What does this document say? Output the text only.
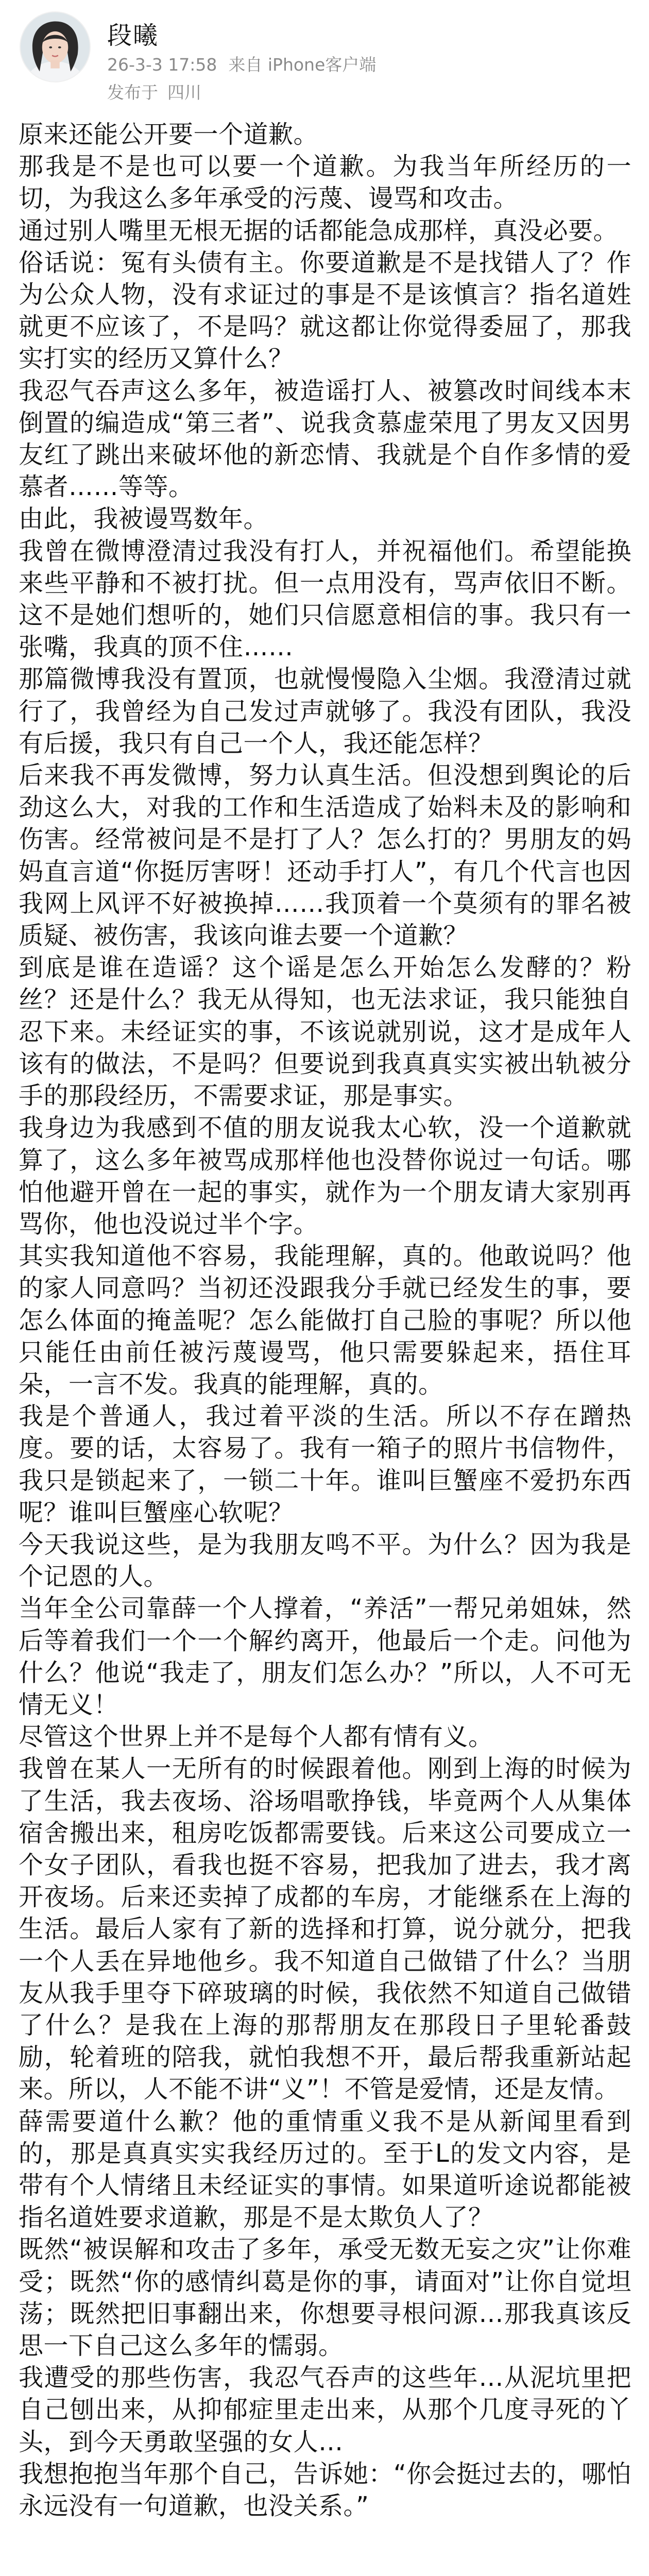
段曦
26-3-3 17:58 来自 iPhone客户端
发布于 四川

原来还能公开要一个道歉。

那我是不是也可以要一个道歉。为我当年所经历的一切，为我这么多年承受的污蔑、谩骂和攻击。

通过别人嘴里无根无据的话都能急成那样，真没必要。

俗话说：冤有头债有主。你要道歉是不是找错人了？作为公众人物，没有求证过的事是不是该慎言？指名道姓就更不应该了，不是吗？就这都让你觉得委屈了，那我实打实的经历又算什么？

我忍气吞声这么多年，被造谣打人、被篡改时间线本末倒置的编造成“第三者”、说我贪慕虚荣甩了男友又因男友红了跳出来破坏他的新恋情、我就是个自作多情的爱慕者……等等。

由此，我被谩骂数年。

我曾在微博澄清过我没有打人，并祝福他们。希望能换来些平静和不被打扰。但一点用没有，骂声依旧不断。这不是她们想听的，她们只信愿意相信的事。我只有一张嘴，我真的顶不住……

那篇微博我没有置顶，也就慢慢隐入尘烟。我澄清过就行了，我曾经为自己发过声就够了。我没有团队，我没有后援，我只有自己一个人，我还能怎样？

后来我不再发微博，努力认真生活。但没想到舆论的后劲这么大，对我的工作和生活造成了始料未及的影响和伤害。经常被问是不是打了人？怎么打的？男朋友的妈妈直言道“你挺厉害呀！还动手打人”，有几个代言也因我网上风评不好被换掉……我顶着一个莫须有的罪名被质疑、被伤害，我该向谁去要一个道歉？

到底是谁在造谣？这个谣是怎么开始怎么发酵的？粉丝？还是什么？我无从得知，也无法求证，我只能独自忍下来。未经证实的事，不该说就别说，这才是成年人该有的做法，不是吗？但要说到我真真实实被出轨被分手的那段经历，不需要求证，那是事实。

我身边为我感到不值的朋友说我太心软，没一个道歉就算了，这么多年被骂成那样他也没替你说过一句话。哪怕他避开曾在一起的事实，就作为一个朋友请大家别再骂你，他也没说过半个字。

其实我知道他不容易，我能理解，真的。他敢说吗？他的家人同意吗？当初还没跟我分手就已经发生的事，要怎么体面的掩盖呢？怎么能做打自己脸的事呢？所以他只能任由前任被污蔑谩骂，他只需要躲起来，捂住耳朵，一言不发。我真的能理解，真的。

我是个普通人，我过着平淡的生活。所以不存在蹭热度。要的话，太容易了。我有一箱子的照片书信物件，我只是锁起来了，一锁二十年。谁叫巨蟹座不爱扔东西呢？谁叫巨蟹座心软呢？

今天我说这些，是为我朋友鸣不平。为什么？因为我是个记恩的人。

当年全公司靠薛一个人撑着，“养活”一帮兄弟姐妹，然后等着我们一个一个解约离开，他最后一个走。问他为什么？他说“我走了，朋友们怎么办？”所以，人不可无情无义！

尽管这个世界上并不是每个人都有情有义。

我曾在某人一无所有的时候跟着他。刚到上海的时候为了生活，我去夜场、浴场唱歌挣钱，毕竟两个人从集体宿舍搬出来，租房吃饭都需要钱。后来这公司要成立一个女子团队，看我也挺不容易，把我加了进去，我才离开夜场。后来还卖掉了成都的车房，才能继系在上海的生活。最后人家有了新的选择和打算，说分就分，把我一个人丢在异地他乡。我不知道自己做错了什么？当朋友从我手里夺下碎玻璃的时候，我依然不知道自己做错了什么？是我在上海的那帮朋友在那段日子里轮番鼓励，轮着班的陪我，就怕我想不开，最后帮我重新站起来。所以，人不能不讲“义”！不管是爱情，还是友情。

薛需要道什么歉？他的重情重义我不是从新闻里看到的，那是真真实实我经历过的。至于L的发文内容，是带有个人情绪且未经证实的事情。如果道听途说都能被指名道姓要求道歉，那是不是太欺负人了？

既然“被误解和攻击了多年，承受无数无妄之灾”让你难受；既然“你的感情纠葛是你的事，请面对”让你自觉坦荡；既然把旧事翻出来，你想要寻根问源…那我真该反思一下自己这么多年的懦弱。

我遭受的那些伤害，我忍气吞声的这些年…从泥坑里把自己刨出来，从抑郁症里走出来，从那个几度寻死的丫头，到今天勇敢坚强的女人…

我想抱抱当年那个自己，告诉她：“你会挺过去的，哪怕永远没有一句道歉，也没关系。”
